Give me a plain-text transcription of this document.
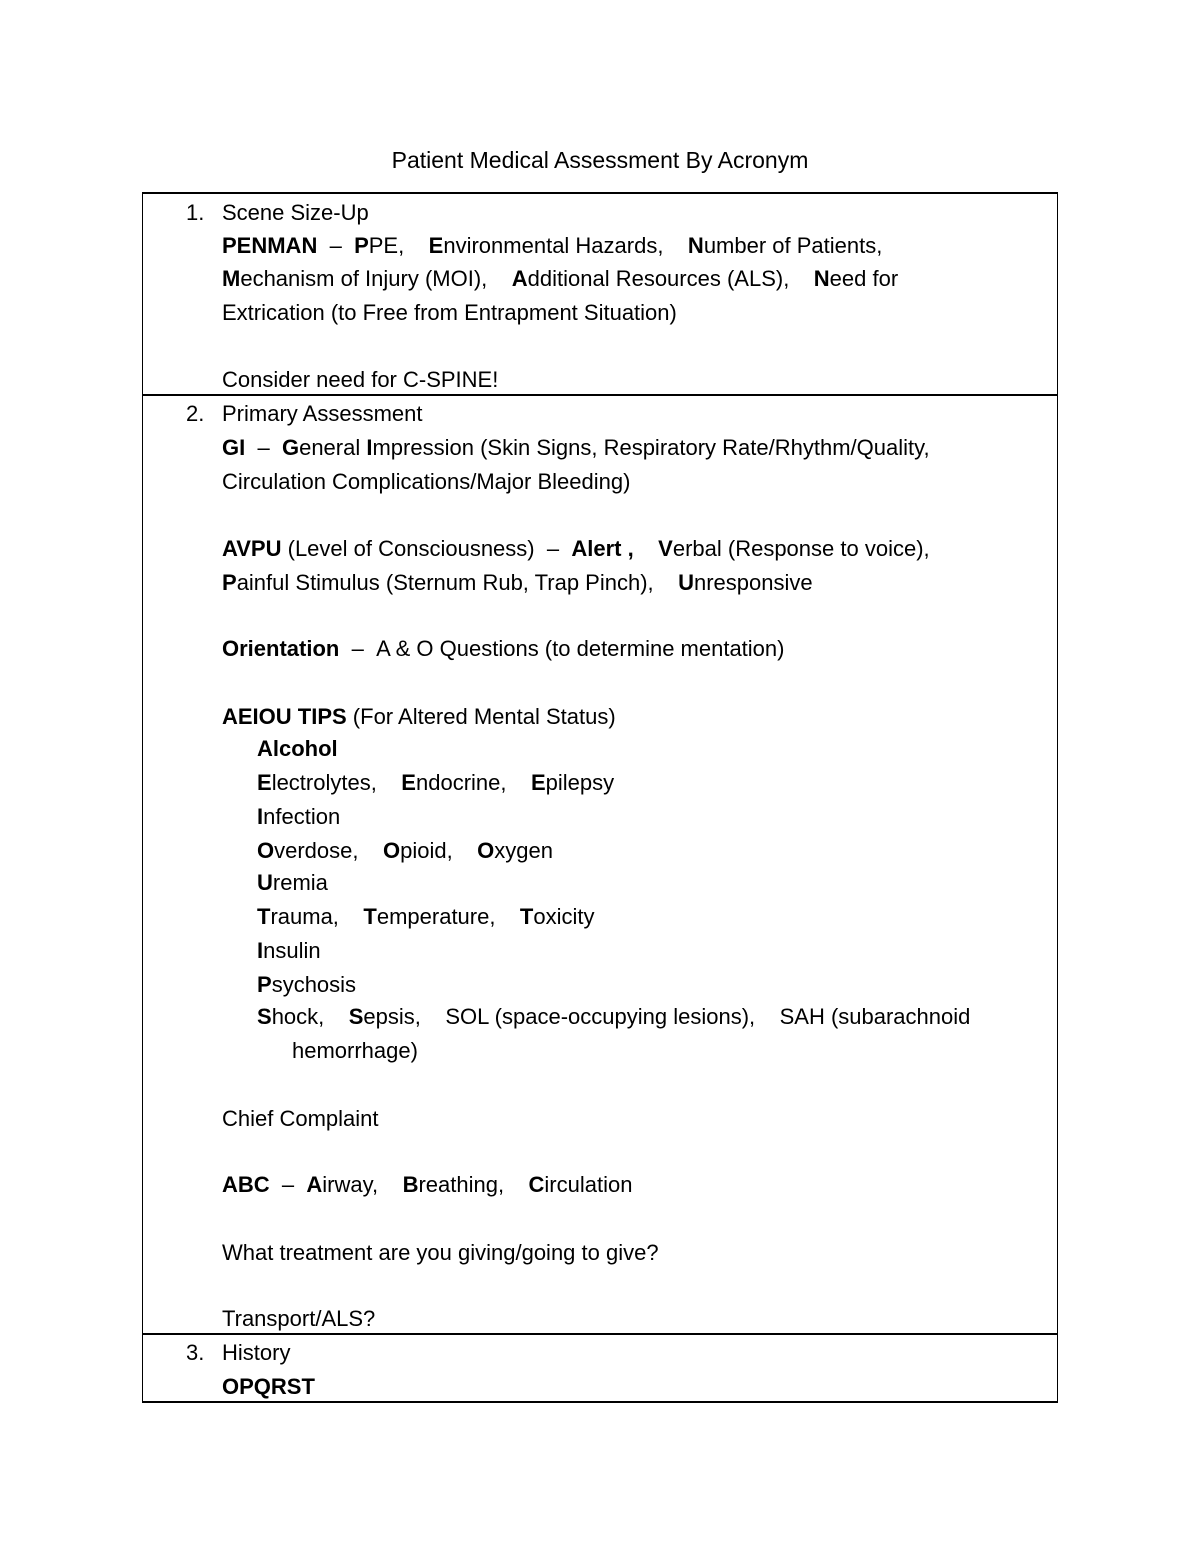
Patient Medical Assessment By Acronym
1. Scene Size-Up
PENMAN – PPE, Environmental Hazards, Number of Patients,
Mechanism of Injury (MOI), Additional Resources (ALS), Need for
Extrication (to Free from Entrapment Situation)
Consider need for C-SPINE!
2. Primary Assessment
GI – General Impression (Skin Signs, Respiratory Rate/Rhythm/Quality,
Circulation Complications/Major Bleeding)
AVPU (Level of Consciousness) – Alert , Verbal (Response to voice),
Painful Stimulus (Sternum Rub, Trap Pinch), Unresponsive
Orientation – A & O Questions (to determine mentation)
AEIOU TIPS (For Altered Mental Status)
Alcohol
Electrolytes, Endocrine, Epilepsy
Infection
Overdose, Opioid, Oxygen
Uremia
Trauma, Temperature, Toxicity
Insulin
Psychosis
Shock, Sepsis, SOL (space-occupying lesions), SAH (subarachnoid
hemorrhage)
Chief Complaint
ABC – Airway, Breathing, Circulation
What treatment are you giving/going to give?
Transport/ALS?
3. History
OPQRST
